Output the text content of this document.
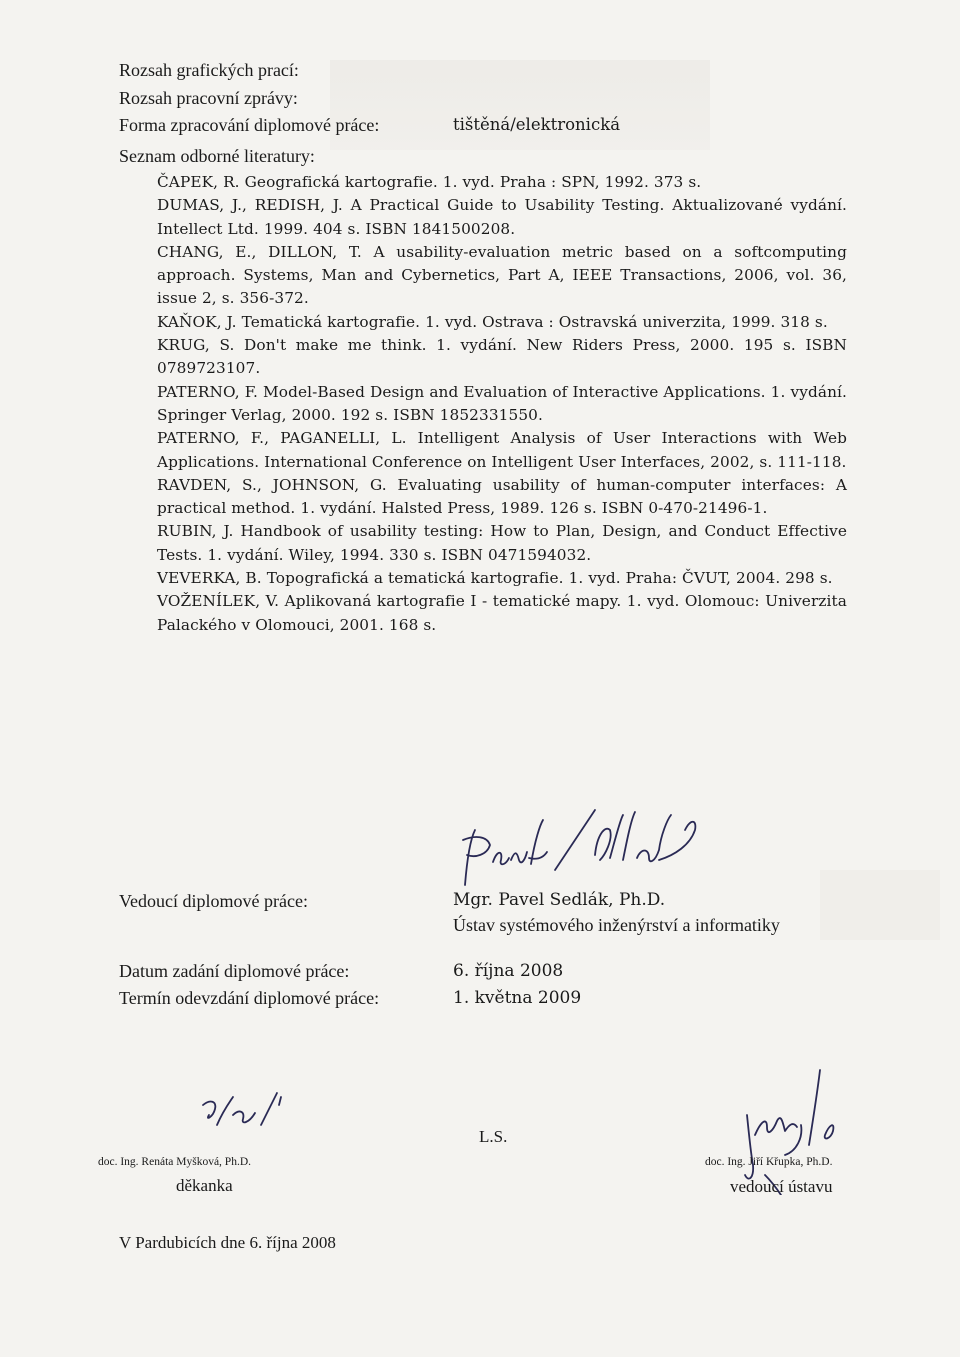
Rozsah grafických prací:
Rozsah pracovní zprávy:
Forma zpracování diplomové práce:	tištěná/elektronická
Seznam odborné literatury:

ČAPEK, R. Geografická kartografie. 1. vyd. Praha : SPN, 1992. 373 s.

DUMAS, J., REDISH, J. A Practical Guide to Usability Testing. Aktualizované vydání. Intellect Ltd. 1999. 404 s. ISBN 1841500208.

CHANG, E., DILLON, T. A usability-evaluation metric based on a softcomputing approach. Systems, Man and Cybernetics, Part A, IEEE Transactions, 2006, vol. 36, issue 2, s. 356-372.

KAŇOK, J. Tematická kartografie. 1. vyd. Ostrava : Ostravská univerzita, 1999. 318 s.

KRUG, S. Don't make me think. 1. vydání. New Riders Press, 2000. 195 s. ISBN 0789723107.

PATERNO, F. Model-Based Design and Evaluation of Interactive Applications. 1. vydání. Springer Verlag, 2000. 192 s. ISBN 1852331550.

PATERNO, F., PAGANELLI, L. Intelligent Analysis of User Interactions with Web Applications. International Conference on Intelligent User Interfaces, 2002, s. 111-118.

RAVDEN, S., JOHNSON, G. Evaluating usability of human-computer interfaces: A practical method. 1. vydání. Halsted Press, 1989. 126 s. ISBN 0-470-21496-1.

RUBIN, J. Handbook of usability testing: How to Plan, Design, and Conduct Effective Tests. 1. vydání. Wiley, 1994. 330 s. ISBN 0471594032.

VEVERKA, B. Topografická a tematická kartografie. 1. vyd. Praha: ČVUT, 2004. 298 s.

VOŽENÍLEK, V. Aplikovaná kartografie I - tematické mapy. 1. vyd. Olomouc: Univerzita Palackého v Olomouci, 2001. 168 s.

Vedoucí diplomové práce:	Mgr. Pavel Sedlák, Ph.D.
Ústav systémového inženýrství a informatiky
Datum zadání diplomové práce:	6. října 2008
Termín odevzdání diplomové práce:	1. května 2009
doc. Ing. Renáta Myšková, Ph.D.
děkanka
L.S.
doc. Ing. Jiří Křupka, Ph.D.
vedoucí ústavu
V Pardubicích dne 6. října 2008
